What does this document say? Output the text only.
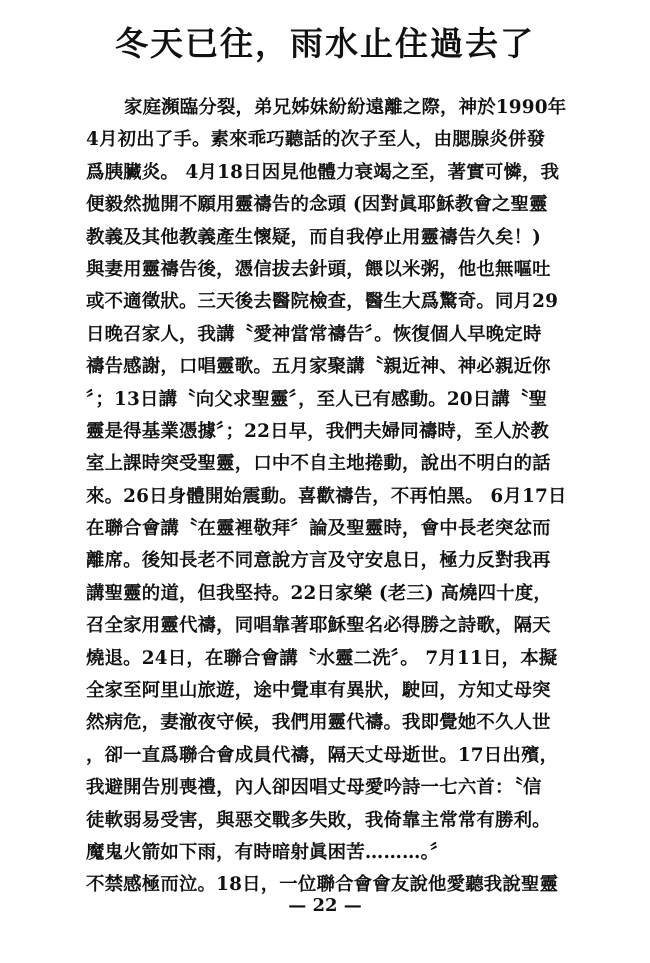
冬天已往，雨水止住過去了
家庭瀕臨分裂，弟兄姊妹紛紛遠離之際，神於1990年
4月初出了手。素來乖巧聽話的次子至人，由腮腺炎併發
爲胰臟炎。 4月18日因見他體力衰竭之至，著實可憐，我
便毅然拋開不願用靈禱告的念頭 (因對眞耶穌教會之聖靈
教義及其他教義產生懷疑，而自我停止用靈禱告久矣！)
與妻用靈禱告後，憑信拔去針頭，餵以米粥，他也無嘔吐
或不適徵狀。三天後去醫院檢查，醫生大爲驚奇。同月29
日晚召家人，我講〝愛神當常禱告〞。恢復個人早晚定時
禱告感謝，口唱靈歌。五月家聚講〝親近神、神必親近你
〞；13日講〝向父求聖靈〞，至人已有感動。20日講〝聖
靈是得基業憑據〞；22日早，我們夫婦同禱時，至人於教
室上課時突受聖靈，口中不自主地捲動，說出不明白的話
來。26日身體開始震動。喜歡禱告，不再怕黑。 6月17日
在聯合會講〝在靈裡敬拜〞論及聖靈時，會中長老突忿而
離席。後知長老不同意說方言及守安息日，極力反對我再
講聖靈的道，但我堅持。22日家樂 (老三) 高燒四十度，
召全家用靈代禱，同唱靠著耶穌聖名必得勝之詩歌，隔天
燒退。24日，在聯合會講〝水靈二洗〞。 7月11日，本擬
全家至阿里山旅遊，途中覺車有異狀，駛回，方知丈母突
然病危，妻澈夜守候，我們用靈代禱。我即覺她不久人世
，卻一直爲聯合會成員代禱，隔天丈母逝世。17日出殯，
我避開告別喪禮，內人卻因唱丈母愛吟詩一七六首：〝信
徒軟弱易受害，與惡交戰多失敗，我倚靠主常常有勝利。
魔鬼火箭如下雨，有時暗射眞困苦………。〞
不禁感極而泣。18日，一位聯合會會友說他愛聽我說聖靈
— 22 —
